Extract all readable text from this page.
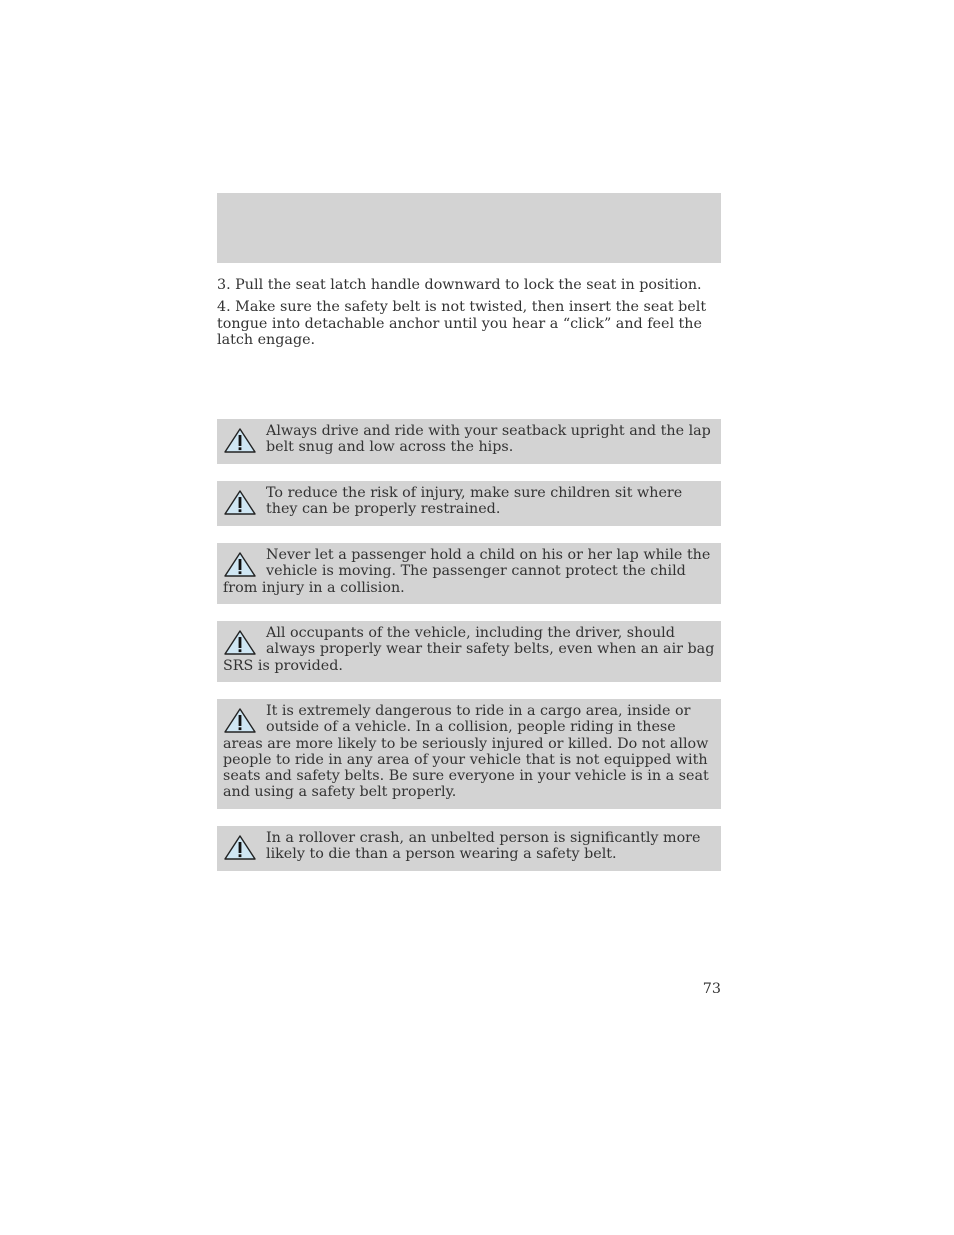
3. Pull the seat latch handle downward to lock the seat in position.

4. Make sure the safety belt is not twisted, then insert the seat belt tongue into detachable anchor until you hear a “click” and feel the latch engage.

Always drive and ride with your seatback upright and the lap belt snug and low across the hips.
To reduce the risk of injury, make sure children sit where they can be properly restrained.
Never let a passenger hold a child on his or her lap while the vehicle is moving. The passenger cannot protect the child from injury in a collision.
All occupants of the vehicle, including the driver, should always properly wear their safety belts, even when an air bag SRS is provided.
It is extremely dangerous to ride in a cargo area, inside or outside of a vehicle. In a collision, people riding in these areas are more likely to be seriously injured or killed. Do not allow people to ride in any area of your vehicle that is not equipped with seats and safety belts. Be sure everyone in your vehicle is in a seat and using a safety belt properly.
In a rollover crash, an unbelted person is significantly more likely to die than a person wearing a safety belt.
73
